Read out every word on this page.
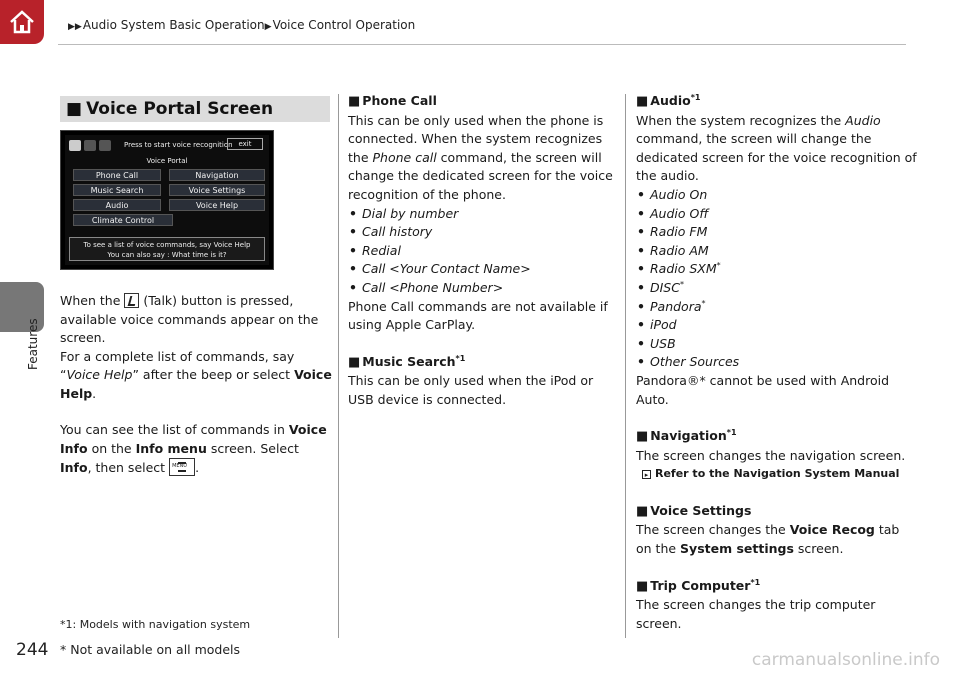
▶▶Audio System Basic Operation▶Voice Control Operation
Features
244
■ Voice Portal Screen
Press to start voice recognition exit
Voice Portal
Phone Call	Navigation
Music Search	Voice Settings
Audio	Voice Help
Climate Control
To see a list of voice commands, say Voice Help
You can also say : What time is it?

When the (Talk) button is pressed, available voice commands appear on the screen.

For a complete list of commands, say “Voice Help” after the beep or select Voice Help.

You can see the list of commands in Voice Info on the Info menu screen. Select Info, then select MENU .

*1: Models with navigation system
* Not available on all models
■ Phone Call

This can be only used when the phone is connected. When the system recognizes the Phone call command, the screen will change the dedicated screen for the voice recognition of the phone.

• Dial by number
• Call history
• Redial
• Call <Your Contact Name>
• Call <Phone Number>

Phone Call commands are not available if using Apple CarPlay.

■ Music Search$^{*1}$

This can be only used when the iPod or USB device is connected.

■ Audio$^{*1}$

When the system recognizes the Audio command, the screen will change the dedicated screen for the voice recognition of the audio.

• Audio On
• Audio Off
• Radio FM
• Radio AM
• Radio SXM*
• DISC*
• Pandora*
• iPod
• USB
• Other Sources

Pandora®* cannot be used with Android Auto.

■ Navigation$^{*1}$

The screen changes the navigation screen.

▸ Refer to the Navigation System Manual
■ Voice Settings

The screen changes the Voice Recog tab on the System settings screen.

■ Trip Computer$^{*1}$

The screen changes the trip computer screen.

carmanualsonline.info
